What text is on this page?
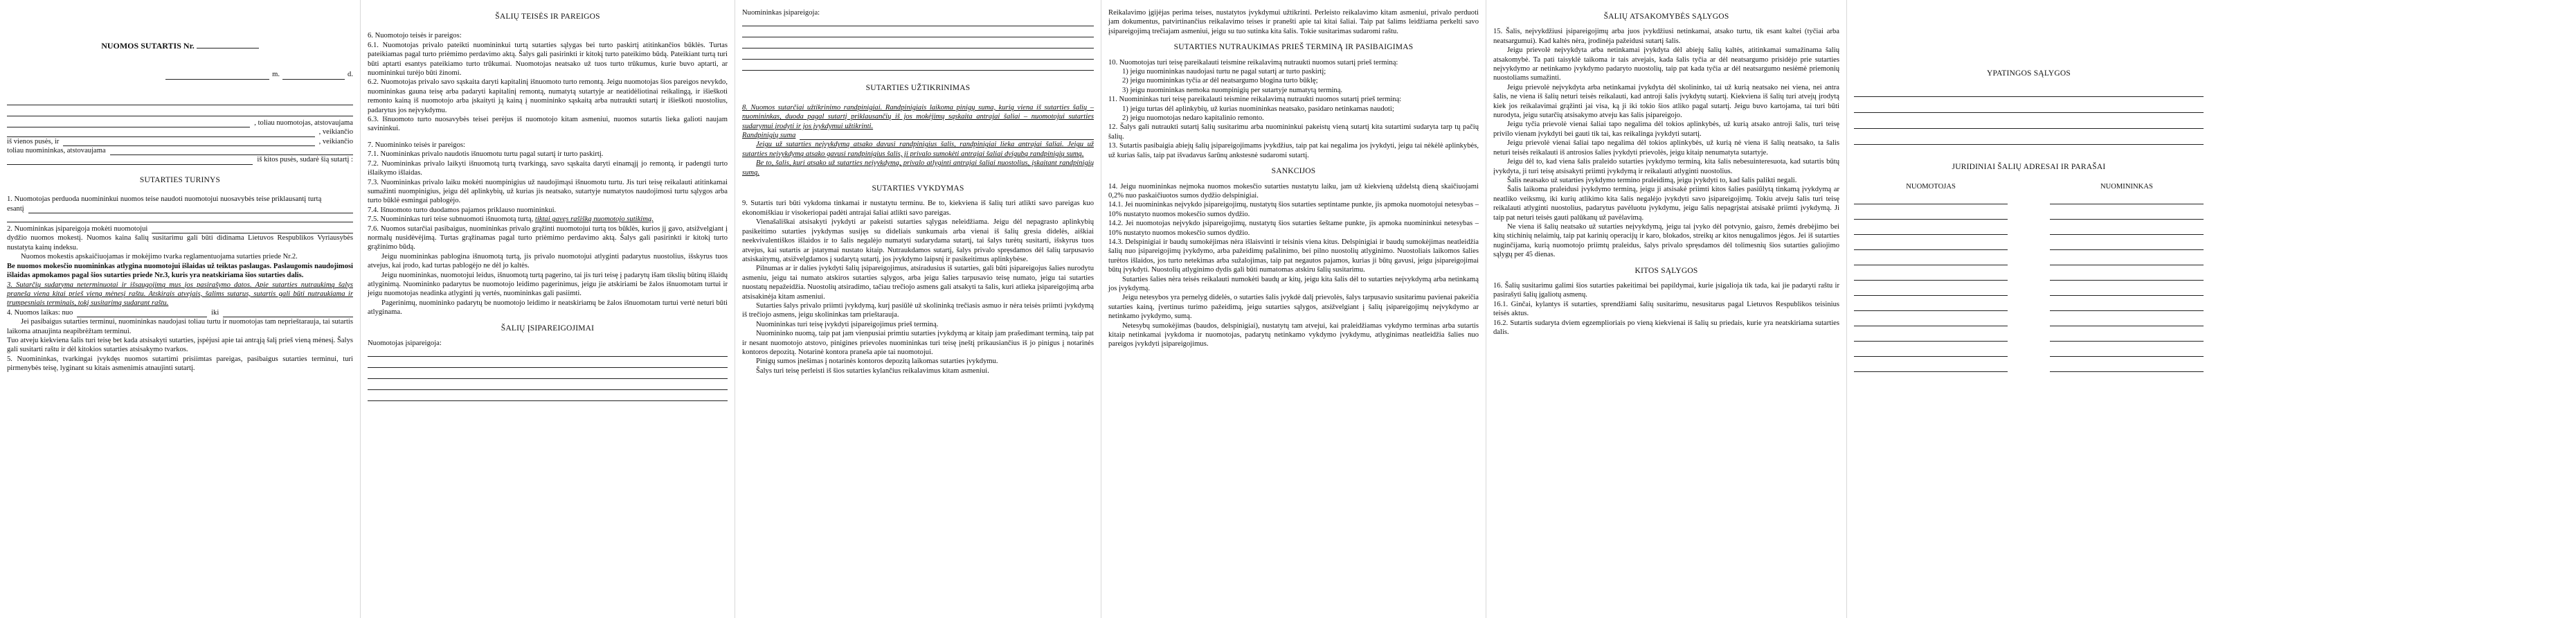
NUOMOS SUTARTIS Nr.
m.	d.
, toliau nuomotojas, atstovaujama
, veikiančio
iš vienos pusės, ir	, veikiančio
toliau nuomininkas, atstovaujama
iš kitos pusės, sudarė šią sutartį :
SUTARTIES TURINYS
1. Nuomotojas perduoda nuomininkui nuomos teise naudoti nuomotojui nuosavybės teise priklausantį turtą
esantį
2. Nuomininkas įsipareigoja mokėti nuomotojui
dydžio nuomos mokestį. Nuomos kaina šalių susitarimu gali būti didinama Lietuvos Respublikos Vyriausybės nustatyta kainų indeksu.
Nuomos mokestis apskaičiuojamas ir mokėjimo tvarka reglamentuojama sutarties priede Nr.2.
Be nuomos mokesčio nuomininkas atlygina nuomotojui išlaidas už teiktas paslaugas. Paslaugomis naudojimosi išlaidas apmokamos pagal šios sutarties priede Nr.3, kuris yra neatskiriama šios sutarties dalis.
3. Sutarčių sudaryma neterminuotai ir išsaugojimą mus jos pasirašymo datos. Apie sutarties nutraukimą šalys praneša viena kitai prieš vieną mėnesį raštu. Atskirais atvejais, šalims sutarus, sutartis gali būti nutraukiama ir trumpesniais terminais, tokį susitarimą sudarant raštu.
4. Nuomos laikas: nuo	iki
Jei pasibaigus sutarties terminui, nuomininkas naudojasi toliau turtu ir nuomotojas tam neprieštarauja, tai sutartis laikoma atnaujinta neapibrėžtam terminui.
Tuo atveju kiekviena šalis turi teisę bet kada atsisakyti sutarties, įspėjusi apie tai antrąją šalį prieš vieną mėnesį. Šalys gali susitarti raštu ir dėl kitokios sutarties atsisakymo tvarkos.
5. Nuomininkas, tvarkingai įvykdęs nuomos sutartimi prisiimtas pareigas, pasibaigus sutarties terminui, turi pirmenybės teisę, lyginant su kitais asmenimis atnaujinti sutartį.
ŠALIŲ TEISĖS IR PAREIGOS
6. Nuomotojo teisės ir pareigos:
6.1. Nuomotojas privalo pateikti nuomininkui turtą sutarties sąlygas bei turto paskirtį atitinkančios būklės. Turtas pateikiamas pagal turto priėmimo perdavimo aktą. Šalys gali pasirinkti ir kitokį turto pateikimo būdą. Pateikiant turtą turi būti aptarti esantys pateikiamo turto trūkumai. Nuomotojas neatsako už tuos turto trūkumus, kurie buvo aptarti, ar nuomininkui turėjo būti žinomi.
6.2. Nuomotojas privalo savo sąskaita daryti kapitalinį išnuomoto turto remontą. Jeigu nuomotojas šios pareigos nevykdo, nuomininkas gauna teisę arba padaryti kapitalinį remontą, numatytą sutartyje ar neatidėliotinai reikalingą, ir išieškoti remonto kainą iš nuomotojo arba įskaityti ją kainą į nuomininko sąskaitą arba nutraukti sutartį ir išieškoti nuostolius, padarytus jos neįvykdymu.
6.3. Išnuomoto turto nuosavybės teisei perėjus iš nuomotojo kitam asmeniui, nuomos sutartis lieka galioti naujam savininkui.
7. Nuomininko teisės ir pareigos:
7.1. Nuomininkas privalo naudotis išnuomotu turtu pagal sutartį ir turto paskirtį.
7.2. Nuomininkas privalo laikyti išnuomotą turtą tvarkingą, savo sąskaita daryti einamąjį jo remontą, ir padengti turto išlaikymo išlaidas.
7.3. Nuomininkas privalo laiku mokėti nuompinigius už naudojimąsi išnuomotu turtu. Jis turi teisę reikalauti atitinkamai sumažinti nuompinigius, jeigu dėl aplinkybių, už kurias jis neatsako, sutartyje numatytos naudojimosi turtu sąlygos arba turto būklė esmingai pablogėjo.
7.4. Išnuomoto turto duodamos pajamos priklauso nuomininkui.
7.5. Nuomininkas turi teise subnuomoti išnuomotą turtą, tiktai gavęs rašišką nuomotojo sutikimą.
7.6. Nuomos sutarčiai pasibaigus, nuomininkas privalo grąžinti nuomotojui turtą tos būklės, kurios jį gavo, atsižvelgiant į normalų nusidėvėjimą. Turtas grąžinamas pagal turto priėmimo perdavimo aktą. Šalys gali pasirinkti ir kitokį turto grąžinimo būdą.
Jeigu nuomininkas pablogina išnuomotą turtą, jis privalo nuomotojui atlyginti padarytus nuostolius, išskyrus tuos atvejus, kai įrodo, kad turtas pablogėjo ne dėl jo kaltės.
Jeigu nuomininkas, nuomotojui leidus, išnuomotą turtą pagerino, tai jis turi teisę į padarytų išam tikslių būtinų išlaidų atlyginimą. Nuomininko padarytus be nuomotojo leidimo pagerinimus, jeigu jie atskiriami be žalos išnuomotam turtui ir jeigu nuomotojas neadinka atlyginti jų vertės, nuomininkas gali pasiimti.
Pagerinimų, nuomininko padarytų be nuomotojo leidimo ir neatskiriamų be žalos išnuomotam turtui vertė neturi būti atlyginama.
ŠALIŲ ĮSIPAREIGOJIMAI
Nuomotojas įsipareigoja:
Nuomininkas įsipareigoja:
SUTARTIES UŽTIKRINIMAS
8. Nuomos sutarčiai užtikrinimo randpinigiai. Randpinigiais laikoma pinigų suma, kurią viena iš sutarties šalių – nuomininkas, duoda pagal sutartį priklausančių iš jos mokėjimų sąskaita antrajai šaliai – nuomotojui sutarties sudarymui įrodyti ir jos įvykdymui užtikrinti.
Randpinigių suma
Jeigu už sutarties neįvykdymą atsako davusi randpinigius šalis, randpinigiai lieka antrajai šaliai. Jeigu už sutarties neįvykdymą atsako gavusi randpinigius šalis, ji privalo sumokėti antrajai šaliai dvigubą randpinigių sumą.
Be to, šalis, kuri atsako už sutarties neįvykdymą, privalo atlyginti antrajai šaliai nuostolius, įskaitant randpinigių sumą.
SUTARTIES VYKDYMAS
9. Sutartis turi būti vykdoma tinkamai ir nustatytu terminu. Be to, kiekviena iš šalių turi atlikti savo pareigas kuo ekonomiškiau ir visokeriopai padėti antrajai šaliai atlikti savo pareigas.
Vienašališkai atsisakyti įvykdyti ar pakeisti sutarties sąlygas neleidžiama. Jeigu dėl nepagrasto aplinkybių pasikeitimo sutarties įvykdymas susijęs su dideliais sunkumais arba vienai iš šalių gresia didelės, aiškiai neekvivalentiškos išlaidos ir to šalis negalėjo numatyti sudarydama sutartį, tai šalys turėtų susitarti, išskyrus tuos atvejus, kai sutartis ar įstatymai nustato kitaip. Nutraukdamos sutartį, šalys privalo spręsdamos dėl šalių tarpusavio atsiskaitymų, atsižvelgdamos į sudarytą sutartį, jos įvykdymo laipsnį ir pasikeitimus aplinkybėse.
Pilnumas ar ir dalies įvykdyti šalių įsipareigojimus, atsiradusius iš sutarties, gali būti įsipareigojus šalies nurodytu asmeniu, jeigu tai numato atskiros sutarties sąlygos, arba jeigu šalies tarpusavio teisę numato, jeigu tai sutarties nuostatų nepažeidžia. Nuostolių atsiradimo, tačiau trečiojo asmens gali atsakyti ta šalis, kuri atlieka įsipareigojimą arba atsisakinėja kitam asmeniui.
Sutarties šalys privalo priimti įvykdymą, kurį pasiūlė už skolininką trečiasis asmuo ir nėra teisės priimti įvykdymą iš trečiojo asmens, jeigu skolininkas tam prieštarauja.
Nuomininkas turi teisę įvykdyti įsipareigojimus prieš terminą.
Nuomininko nuomą, taip pat jam vienpusiai primtiu sutarties įvykdymą ar kitaip jam prašedimant terminą, taip pat ir nesant nuomotojo atstovo, pinigines prievoles nuomininkas turi teisę įneštį prikausiančius iš jo pinigus į notarinės kontoros depozitą. Notarinė kontora praneša apie tai nuomotojui.
Pinigų sumos įnešimas į notarinės kontoros depozitą laikomas sutarties įvykdymu.
Šalys turi teisę perleisti iš šios sutarties kylančius reikalavimus kitam asmeniui.
Reikalavimo įgijėjas perima teises, nustatytos įvykdymui užtikrinti. Perleisto reikalavimo kitam asmeniui, privalo perduoti jam dokumentus, patvirtinančius reikalavimo teises ir pranešti apie tai kitai šaliai. Taip pat šalims leidžiama perkelti savo įsipareigojimą trečiajam asmeniui, jeigu su tuo sutinka kita šalis. Tokie susitarimas sudaromi raštu.
SUTARTIES NUTRAUKIMAS PRIEŠ TERMINĄ IR PASIBAIGIMAS
10. Nuomotojas turi teisę pareikalauti teismine reikalavimą nutraukti nuomos sutartį prieš terminą:
1) jeigu nuomininkas naudojasi turtu ne pagal sutartį ar turto paskirtį;
2) jeigu nuomininkas tyčia ar dėl neatsargumo blogina turto būklę;
3) jeigu nuomininkas nemoka nuompinigių per sutartyje numatytą terminą.
11. Nuomininkas turi teisę pareikalauti teismine reikalavimą nutraukti nuomos sutartį prieš terminą:
1) jeigu turtas dėl aplinkybių, už kurias nuomininkas neatsako, pasidaro netinkamas naudoti;
2) jeigu nuomotojas nedaro kapitalinio remonto.
12. Šalys gali nutraukti sutartį šalių susitarimu arba nuomininkui pakeistų vieną sutartį kita sutartimi sudaryta tarp tų pačių šalių.
13. Sutartis pasibaigia abiejų šalių įsipareigojimams įvykdžius, taip pat kai negalima jos įvykdyti, jeigu tai nėkėlė aplinkybės, už kurias šalis, taip pat išvadavus šarūnų ankstesnė sudaromi sutartį.
SANKCIJOS
14. Jeigu nuomininkas neįmoka nuomos mokesčio sutarties nustatytu laiku, jam už kiekvieną uždelstą dieną skaičiuojami 0,2% nuo paskaičiuotos sumos dydžio delspinigiai.
14.1. Jei nuomininkas neįvykdo įsipareigojimų, nustatytų šios sutarties septintame punkte, jis apmoka nuomotojui netesybas – 10% nustatyto nuomos mokesčio sumos dydžio.
14.2. Jei nuomotojas neįvykdo įsipareigojimų, nustatytų šios sutarties šeštame punkte, jis apmoka nuomininkui netesybas – 10% nustatyto nuomos mokesčio sumos dydžio.
14.3. Delspinigiai ir baudų sumokėjimas nėra išlaisvinti ir teisinis viena kitus. Delspinigiai ir baudų sumokėjimas neatleidžia šalių nuo įsipareigojimų įvykdymo, arba pažeidimų pašalinimo, bei pilno nuostolių atlyginimo. Nuostoliais laikomos šalies turėtos išlaidos, jos turto netekimas arba sužalojimas, taip pat negautos pajamos, kurias ji būtų gavusi, jeigu įsipareigojimai būtų įvykdyti. Nuostolių atlyginimo dydis gali būti numatomas atskiru šalių susitarimu.
Sutarties šalies nėra teisės reikalauti numokėti baudų ar kitų, jeigu kita šalis dėl to sutarties neįvykdymą arba netinkamą jos įvykdymą.
Jeigu netesybos yra pernelyg didelės, o sutarties šalis įvykdė dalį prievolės, šalys tarpusavio susitarimu pavienai pakeičia sutarties kainą, įvertinus turimo pažeidimą, jeigu sutarties sąlygos, atsižvelgiant į šalių įsipareigojimų neįvykdymo ar netinkamo įvykdymo, sumą.
Netesybų sumokėjimas (baudos, delspinigiai), nustatytų tam atvejui, kai praleidžiamas vykdymo terminas arba sutartis kitaip netinkamai įvykdoma ir nuomotojas, padarytų netinkamo vykdymo įvykdymu, atlyginimas neatleidžia šalies nuo pareigos įvykdyti įsipareigojimus.
ŠALIŲ ATSAKOMYBĖS SĄLYGOS
15. Šalis, neįvykdžiusi įsipareigojimų arba juos įvykdžiusi netinkamai, atsako turtu, tik esant kaltei (tyčiai arba neatsargumui). Kad kaltės nėra, įrodinėja pažeidusi sutartį šalis.
Jeigu prievolė neįvykdyta arba netinkamai įvykdyta dėl abiejų šalių kaltės, atitinkamai sumažinama šalių atsakomybė. Ta pati taisyklė taikoma ir tais atvejais, kada šalis tyčia ar dėl neatsargumo prisidėjo prie sutarties neįvykdymo ar netinkamo įvykdymo padaryto nuostolių, taip pat kada tyčia ar dėl neatsargumo nesiėmė priemonių nuostoliams sumažinti.
Jeigu prievolė neįvykdyta arba netinkamai įvykdyta dėl skolininko, tai už kurią neatsako nei viena, nei antra šalis, ne viena iš šalių neturi teisės reikalauti, kad antroji šalis įvykdytų sutartį. Kiekviena iš šalių turi atvejų įrodytą kiek jos reikalavimai grąžinti jai visa, ką ji iki tokio šios atliko pagal sutartį. Jeigu buvo kartojama, tai turi būti nurodyta, jeigu sutarčių atsisakymo atveju kas šalis įsipareigojo.
Jeigu tyčia prievolė vienai šaliai tapo negalima dėl tokios aplinkybės, už kurią atsako antroji šalis, turi teisę privilo vienam įvykdyti bei gauti tik tai, kas reikalinga įvykdyti sutartį.
Jeigu prievolė vienai šaliai tapo negalima dėl tokios aplinkybės, už kurią nė viena iš šalių neatsako, ta šalis neturi teisės reikalauti iš antrosios šalies įvykdyti prievolės, jeigu kitaip nenumatyta sutartyje.
Jeigu dėl to, kad viena šalis praleido sutarties įvykdymo terminą, kita šalis nebesuinteresuota, kad sutartis būtų įvykdyta, ji turi teisę atsisakyti priimti įvykdymą ir reikalauti atlyginti nuostolius.
Šalis neatsako už sutarties įvykdymo termino praleidimą, jeigu įvykdyti to, kad šalis palikti negali.
Šalis laikoma praleidusi įvykdymo terminą, jeigu ji atsisakė priimti kitos šalies pasiūlytą tinkamą įvykdymą ar neatliko veiksmų, iki kurių atlikimo kita šalis negalėjo įvykdyti savo įsipareigojimų. Tokiu atveju šalis turi teisę reikalauti atlyginti nuostolius, padarytus pavėluotu įvykdymu, jeigu šalis nepagrįstai atsisakė priimti įvykdymą. Ji taip pat neturi teisės gauti palūkanų už pavėlavimą.
Ne viena iš šalių neatsako už sutarties neįvykdymą, jeigu tai įvyko dėl potvynio, gaisro, žemės drebėjimo bei kitų stichinių nelaimių, taip pat karinių operacijų ir karo, blokados, streikų ar kitos nenugalimos jėgos. Jei iš sutarties nuginčijama, kurią nuomotojo priimtų praleidus, šalys privalo spręsdamos dėl tolimesnių šios sutarties galiojimo sąlygų per 45 dienas.
KITOS SĄLYGOS
16. Šalių susitarimu galimi šios sutarties pakeitimai bei papildymai, kurie įsigalioja tik tada, kai jie padaryti raštu ir pasirašyti šalių įgaliotų asmenų.
16.1. Ginčai, kylantys iš sutarties, sprendžiami šalių susitarimu, nesusitarus pagal Lietuvos Respublikos teisinius teisės aktus.
16.2. Sutartis sudaryta dviem egzemplioriais po vieną kiekvienai iš šalių su priedais, kurie yra neatskiriama sutarties dalis.
YPATINGOS SĄLYGOS
JURIDINIAI ŠALIŲ ADRESAI IR PARAŠAI
NUOMOTOJAS	NUOMININKAS
